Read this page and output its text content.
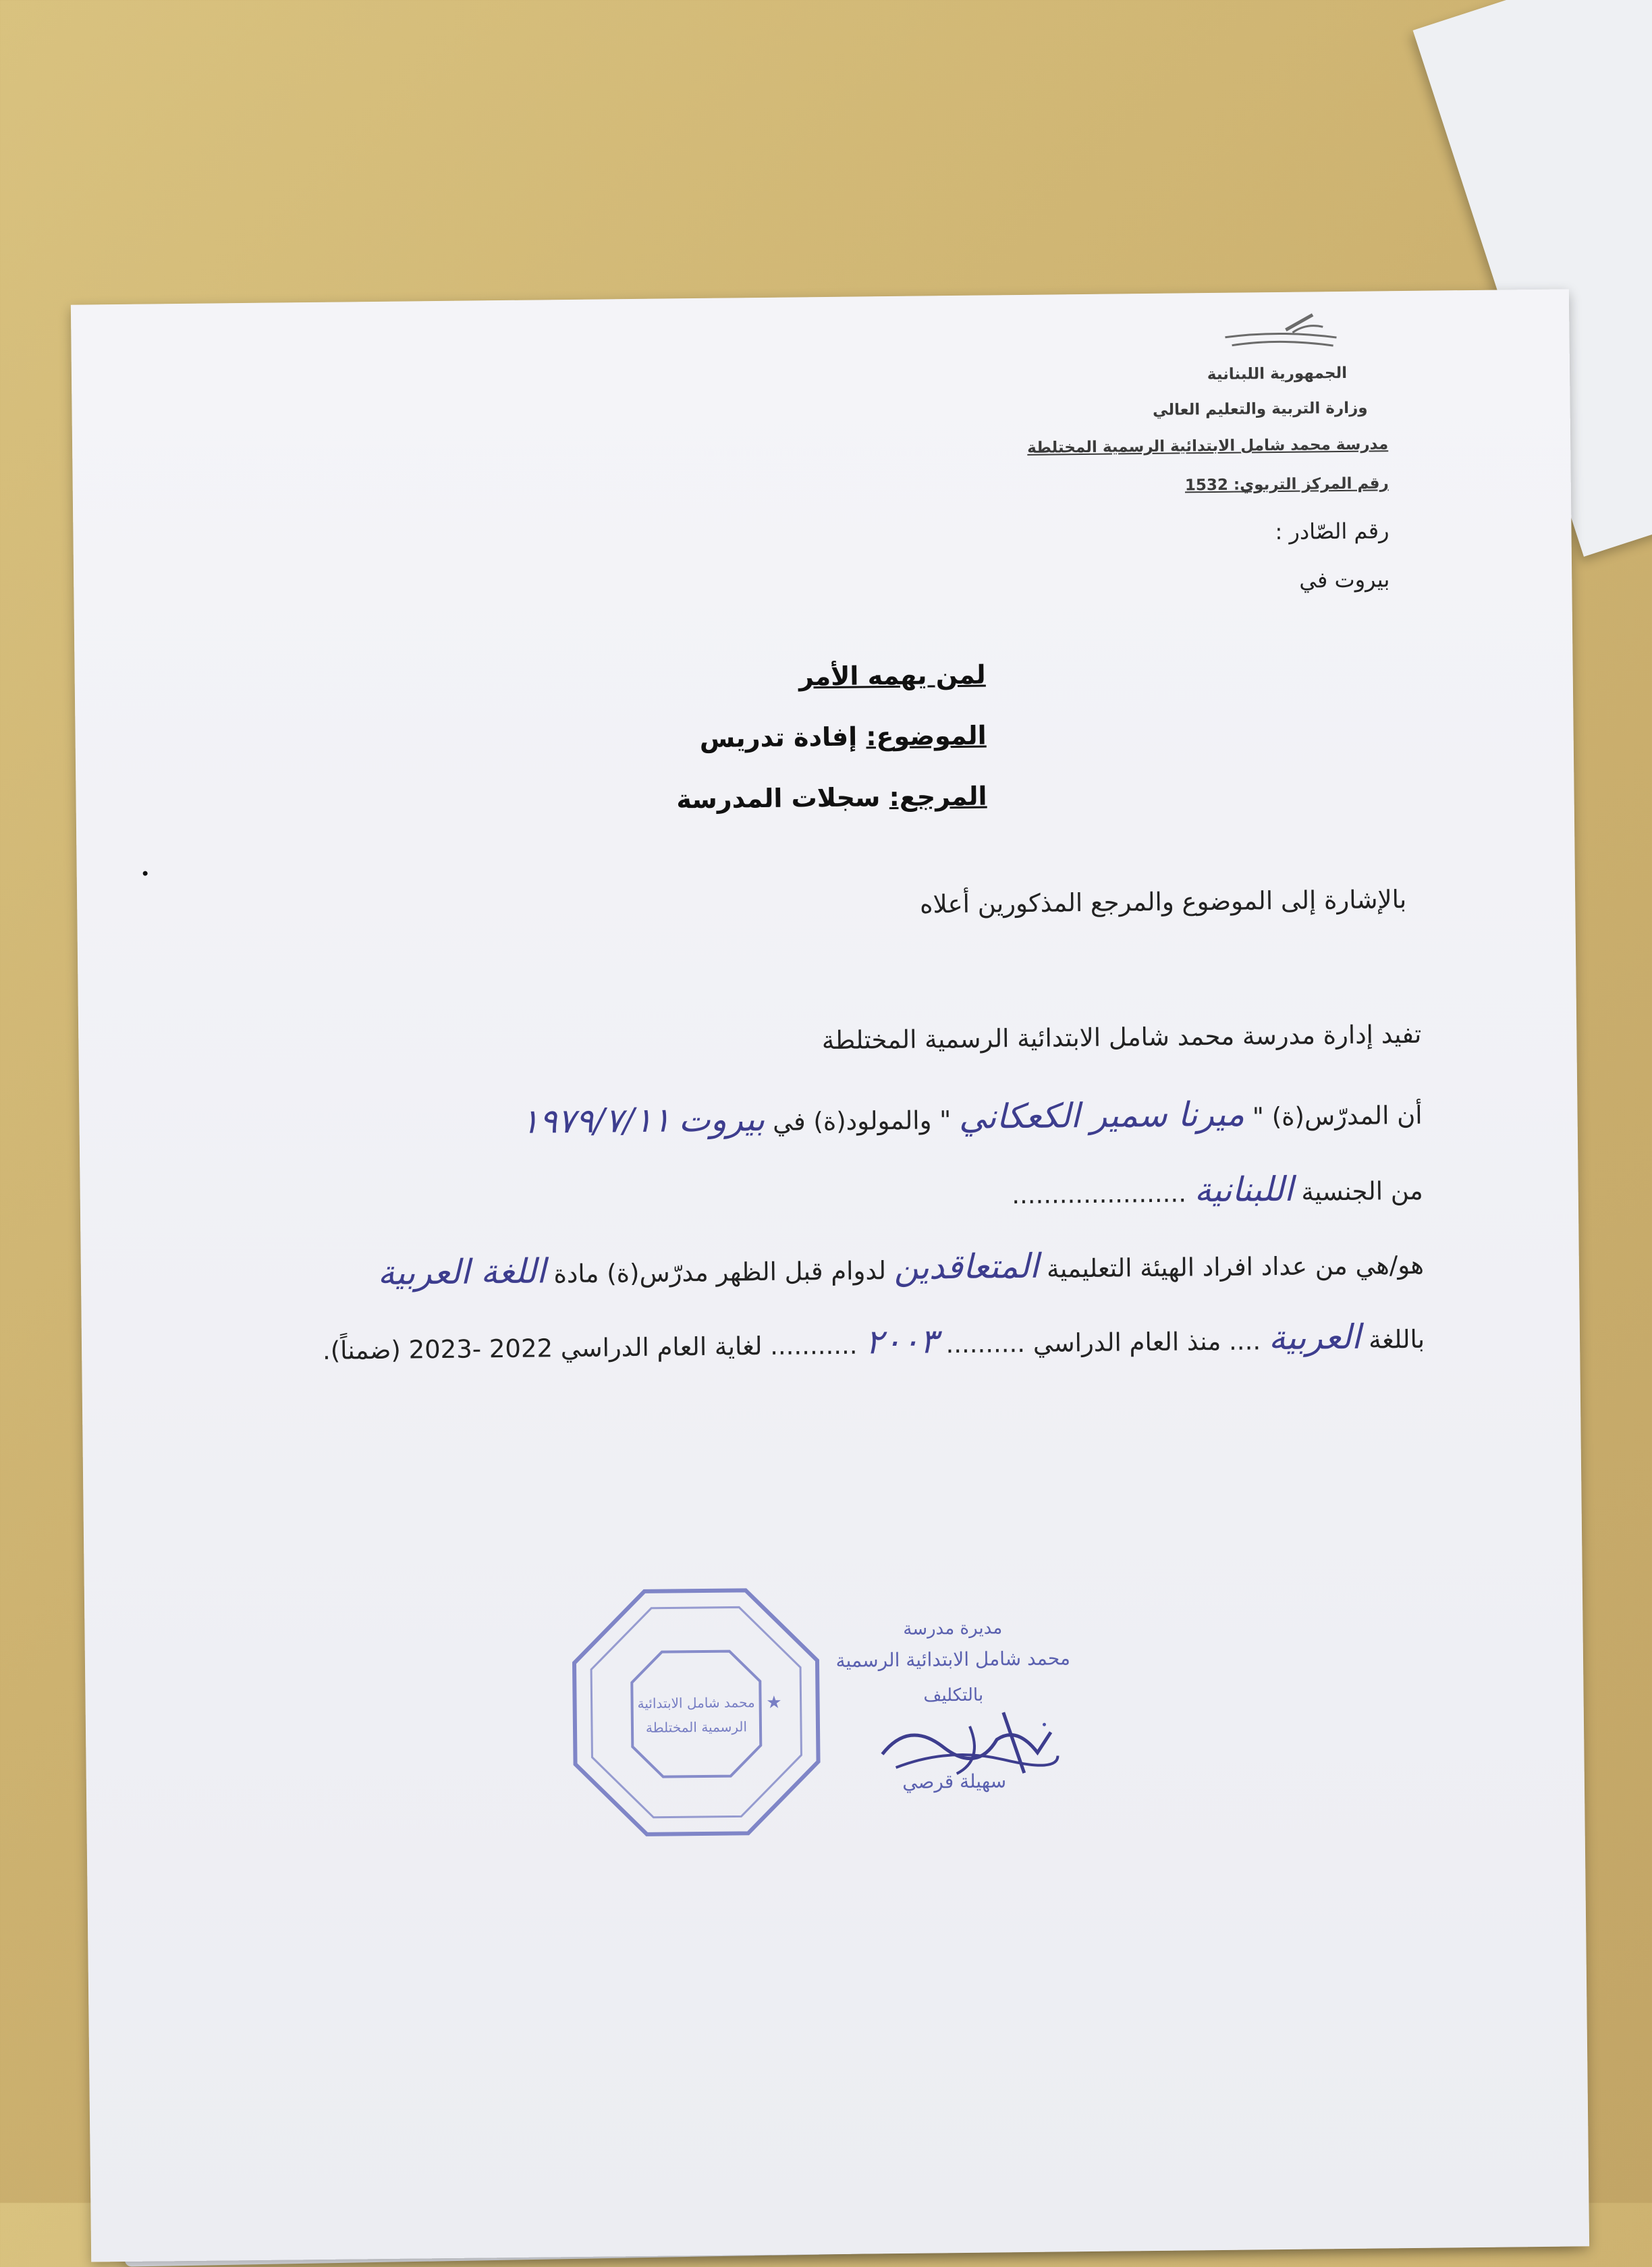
الجمهورية اللبنانية
وزارة التربية والتعليم العالي
مدرسة محمد شامل الابتدائية الرسمية المختلطة
رقم المركز التربوي: 1532
رقم الصّادر :
بيروت في
لمن يهمه الأمر
الموضوع: إفادة تدريس
المرجع: سجلات المدرسة
بالإشارة إلى الموضوع والمرجع المذكورين أعلاه
تفيد إدارة مدرسة محمد شامل الابتدائية الرسمية المختلطة
أن المدرّس(ة) " ميرنا سمير الكعكاني " والمولود(ة) في بيروت ١٩٧٩/٧/١١
من الجنسية اللبنانية ......................
هو/هي من عداد افراد الهيئة التعليمية المتعاقدين لدوام قبل الظهر مدرّس(ة) مادة اللغة العربية
باللغة العربية .... منذ العام الدراسي .......... ٢٠٠٣ ........... لغاية العام الدراسي 2022 -2023 (ضمناً).
محمد شامل الابتدائية
الرسمية المختلطة
★
مديرة مدرسة
محمد شامل الابتدائية الرسمية
بالتكليف
سهيلة قرصي
